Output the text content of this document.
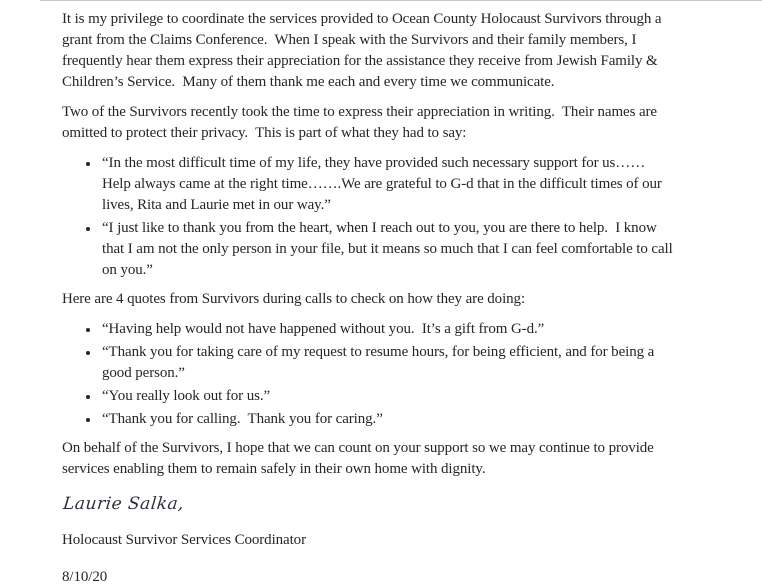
It is my privilege to coordinate the services provided to Ocean County Holocaust Survivors through a grant from the Claims Conference.  When I speak with the Survivors and their family members, I frequently hear them express their appreciation for the assistance they receive from Jewish Family & Children’s Service.  Many of them thank me each and every time we communicate.

Two of the Survivors recently took the time to express their appreciation in writing.  Their names are omitted to protect their privacy.  This is part of what they had to say:

• “In the most difficult time of my life, they have provided such necessary support for us…… Help always came at the right time…….We are grateful to G-d that in the difficult times of our lives, Rita and Laurie met in our way.”
• “I just like to thank you from the heart, when I reach out to you, you are there to help.  I know that I am not the only person in your file, but it means so much that I can feel comfortable to call on you.”

Here are 4 quotes from Survivors during calls to check on how they are doing:

• “Having help would not have happened without you.  It’s a gift from G-d.”
• “Thank you for taking care of my request to resume hours, for being efficient, and for being a good person.”
• “You really look out for us.”
• “Thank you for calling.  Thank you for caring.”

On behalf of the Survivors, I hope that we can count on your support so we may continue to provide services enabling them to remain safely in their own home with dignity.

Laurie Salka,
Holocaust Survivor Services Coordinator
8/10/20
